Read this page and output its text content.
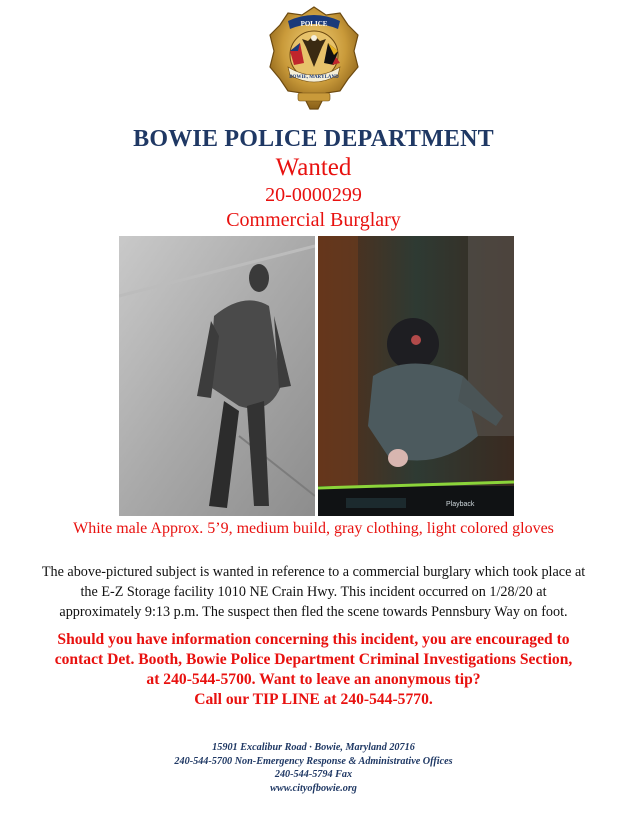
POLICE
BOWIE, MARYLAND
BOWIE POLICE DEPARTMENT
Wanted
20-0000299
Commercial Burglary
Playback
White male Approx. 5’9, medium build, gray clothing, light colored gloves
The above-pictured subject is wanted in reference to a commercial burglary which took place at
the E-Z Storage facility 1010 NE Crain Hwy. This incident occurred on 1/28/20 at
approximately 9:13 p.m. The suspect then fled the scene towards Pennsbury Way on foot.
Should you have information concerning this incident, you are encouraged to
contact Det. Booth, Bowie Police Department Criminal Investigations Section,
at 240-544-5700. Want to leave an anonymous tip?
Call our TIP LINE at 240-544-5770.
15901 Excalibur Road · Bowie, Maryland 20716
240-544-5700 Non-Emergency Response & Administrative Offices
240-544-5794 Fax
www.cityofbowie.org
